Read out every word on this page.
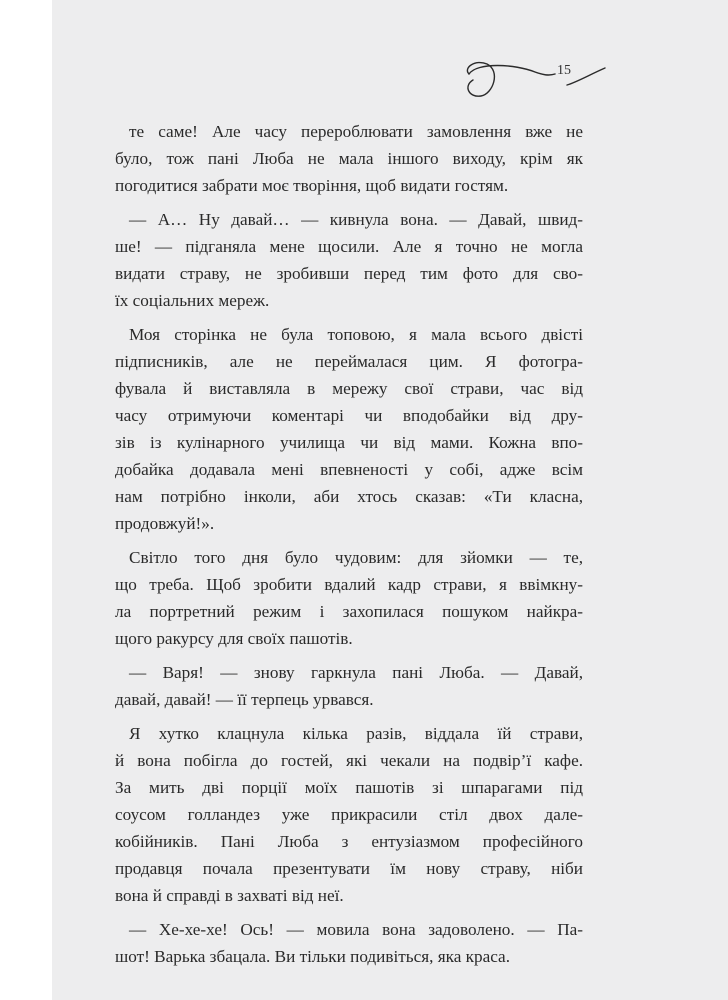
15
те саме! Але часу перероблювати замовлення вже не
було, тож пані Люба не мала іншого виходу, крім як
погодитися забрати моє творіння, щоб видати гостям.
— А… Ну давай… — кивнула вона. — Давай, швид-
ше! — підганяла мене щосили. Але я точно не могла
видати страву, не зробивши перед тим фото для сво-
їх соціальних мереж.
Моя сторінка не була топовою, я мала всього двісті
підписників, але не переймалася цим. Я фотогра-
фувала й виставляла в мережу свої страви, час від
часу отримуючи коментарі чи вподобайки від дру-
зів із кулінарного училища чи від мами. Кожна впо-
добайка додавала мені впевненості у собі, адже всім
нам потрібно інколи, аби хтось сказав: «Ти класна,
продовжуй!».
Світло того дня було чудовим: для зйомки — те,
що треба. Щоб зробити вдалий кадр страви, я ввімкну-
ла портретний режим і захопилася пошуком найкра-
щого ракурсу для своїх пашотів.
— Варя! — знову гаркнула пані Люба. — Давай,
давай, давай! — її терпець урвався.
Я хутко клацнула кілька разів, віддала їй страви,
й вона побігла до гостей, які чекали на подвір’ї кафе.
За мить дві порції моїх пашотів зі шпарагами під
соусом голландез уже прикрасили стіл двох дале-
кобійників. Пані Люба з ентузіазмом професійного
продавця почала презентувати їм нову страву, ніби
вона й справді в захваті від неї.
— Хе-хе-хе! Ось! — мовила вона задоволено. — Па-
шот! Варька збацала. Ви тільки подивіться, яка краса.
